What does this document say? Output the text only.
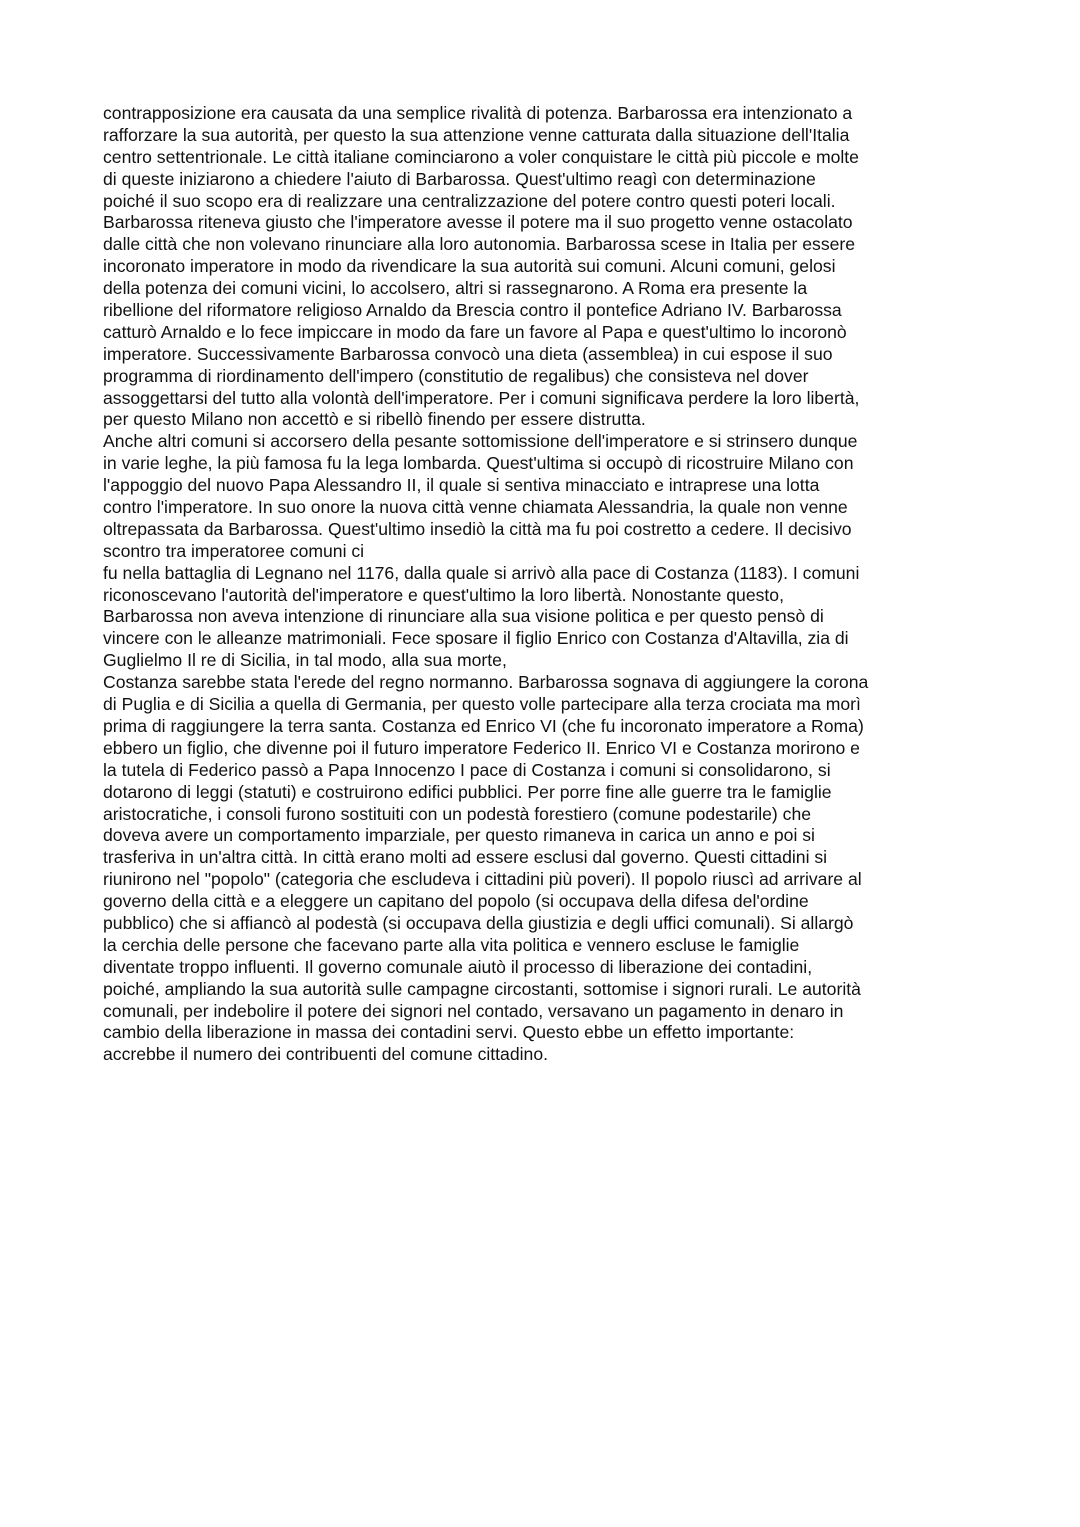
contrapposizione era causata da una semplice rivalità di potenza. Barbarossa era intenzionato a
rafforzare la sua autorità, per questo la sua attenzione venne catturata dalla situazione dell'Italia
centro settentrionale. Le città italiane cominciarono a voler conquistare le città più piccole e molte
di queste iniziarono a chiedere l'aiuto di Barbarossa. Quest'ultimo reagì con determinazione
poiché il suo scopo era di realizzare una centralizzazione del potere contro questi poteri locali.
Barbarossa riteneva giusto che l'imperatore avesse il potere ma il suo progetto venne ostacolato
dalle città che non volevano rinunciare alla loro autonomia. Barbarossa scese in Italia per essere
incoronato imperatore in modo da rivendicare la sua autorità sui comuni. Alcuni comuni, gelosi
della potenza dei comuni vicini, lo accolsero, altri si rassegnarono. A Roma era presente la
ribellione del riformatore religioso Arnaldo da Brescia contro il pontefice Adriano IV. Barbarossa
catturò Arnaldo e lo fece impiccare in modo da fare un favore al Papa e quest'ultimo lo incoronò
imperatore. Successivamente Barbarossa convocò una dieta (assemblea) in cui espose il suo
programma di riordinamento dell'impero (constitutio de regalibus) che consisteva nel dover
assoggettarsi del tutto alla volontà dell'imperatore. Per i comuni significava perdere la loro libertà,
per questo Milano non accettò e si ribellò finendo per essere distrutta.
Anche altri comuni si accorsero della pesante sottomissione dell'imperatore e si strinsero dunque
in varie leghe, la più famosa fu la lega lombarda. Quest'ultima si occupò di ricostruire Milano con
l'appoggio del nuovo Papa Alessandro II, il quale si sentiva minacciato e intraprese una lotta
contro l'imperatore. In suo onore la nuova città venne chiamata Alessandria, la quale non venne
oltrepassata da Barbarossa. Quest'ultimo insediò la città ma fu poi costretto a cedere. Il decisivo
scontro tra imperatoree comuni ci
fu nella battaglia di Legnano nel 1176, dalla quale si arrivò alla pace di Costanza (1183). I comuni
riconoscevano l'autorità del'imperatore e quest'ultimo la loro libertà. Nonostante questo,
Barbarossa non aveva intenzione di rinunciare alla sua visione politica e per questo pensò di
vincere con le alleanze matrimoniali. Fece sposare il figlio Enrico con Costanza d'Altavilla, zia di
Guglielmo Il re di Sicilia, in tal modo, alla sua morte,
Costanza sarebbe stata l'erede del regno normanno. Barbarossa sognava di aggiungere la corona
di Puglia e di Sicilia a quella di Germania, per questo volle partecipare alla terza crociata ma morì
prima di raggiungere la terra santa. Costanza ed Enrico VI (che fu incoronato imperatore a Roma)
ebbero un figlio, che divenne poi il futuro imperatore Federico II. Enrico VI e Costanza morirono e
la tutela di Federico passò a Papa Innocenzo I pace di Costanza i comuni si consolidarono, si
dotarono di leggi (statuti) e costruirono edifici pubblici. Per porre fine alle guerre tra le famiglie
aristocratiche, i consoli furono sostituiti con un podestà forestiero (comune podestarile) che
doveva avere un comportamento imparziale, per questo rimaneva in carica un anno e poi si
trasferiva in un'altra città. In città erano molti ad essere esclusi dal governo. Questi cittadini si
riunirono nel "popolo" (categoria che escludeva i cittadini più poveri). Il popolo riuscì ad arrivare al
governo della città e a eleggere un capitano del popolo (si occupava della difesa del'ordine
pubblico) che si affiancò al podestà (si occupava della giustizia e degli uffici comunali). Si allargò
la cerchia delle persone che facevano parte alla vita politica e vennero escluse le famiglie
diventate troppo influenti. Il governo comunale aiutò il processo di liberazione dei contadini,
poiché, ampliando la sua autorità sulle campagne circostanti, sottomise i signori rurali. Le autorità
comunali, per indebolire il potere dei signori nel contado, versavano un pagamento in denaro in
cambio della liberazione in massa dei contadini servi. Questo ebbe un effetto importante:
accrebbe il numero dei contribuenti del comune cittadino.
